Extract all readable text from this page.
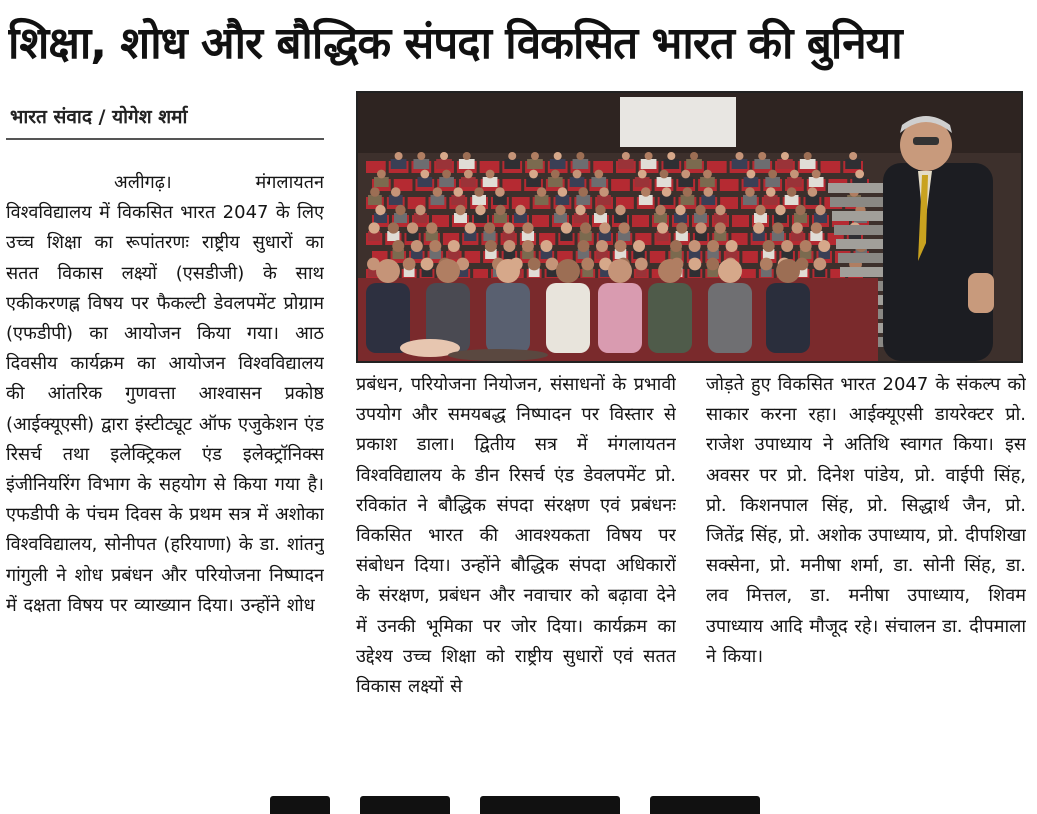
शिक्षा, शोध और बौद्धिक संपदा विकसित भारत की बुनिया
भारत संवाद / योगेश शर्मा
अलीगढ़। मंगलायतन विश्वविद्यालय में विकसित भारत 2047 के लिए उच्च शिक्षा का रूपांतरणः राष्ट्रीय सुधारों का सतत विकास लक्ष्यों (एसडीजी) के साथ एकीकरणह्न विषय पर फैकल्टी डेवलपमेंट प्रोग्राम (एफडीपी) का आयोजन किया गया। आठ दिवसीय कार्यक्रम का आयोजन विश्वविद्यालय की आंतरिक गुणवत्ता आश्वासन प्रकोष्ठ (आईक्यूएसी) द्वारा इंस्टीट्यूट ऑफ एजुकेशन एंड रिसर्च तथा इलेक्ट्रिकल एंड इलेक्ट्रॉनिक्स इंजीनियरिंग विभाग के सहयोग से किया गया है। एफडीपी के पंचम दिवस के प्रथम सत्र में अशोका विश्वविद्यालय, सोनीपत (हरियाणा) के डा. शांतनु गांगुली ने शोध प्रबंधन और परियोजना निष्पादन में दक्षता विषय पर व्याख्यान दिया। उन्होंने शोध
प्रबंधन, परियोजना नियोजन, संसाधनों के प्रभावी उपयोग और समयबद्ध निष्पादन पर विस्तार से प्रकाश डाला। द्वितीय सत्र में मंगलायतन विश्वविद्यालय के डीन रिसर्च एंड डेवलपमेंट प्रो. रविकांत ने बौद्धिक संपदा संरक्षण एवं प्रबंधनः विकसित भारत की आवश्यकता विषय पर संबोधन दिया। उन्होंने बौद्धिक संपदा अधिकारों के संरक्षण, प्रबंधन और नवाचार को बढ़ावा देने में उनकी भूमिका पर जोर दिया। कार्यक्रम का उद्देश्य उच्च शिक्षा को राष्ट्रीय सुधारों एवं सतत विकास लक्ष्यों से
जोड़ते हुए विकसित भारत 2047 के संकल्प को साकार करना रहा। आईक्यूएसी डायरेक्टर प्रो. राजेश उपाध्याय ने अतिथि स्वागत किया। इस अवसर पर प्रो. दिनेश पांडेय, प्रो. वाईपी सिंह, प्रो. किशनपाल सिंह, प्रो. सिद्धार्थ जैन, प्रो. जितेंद्र सिंह, प्रो. अशोक उपाध्याय, प्रो. दीपशिखा सक्सेना, प्रो. मनीषा शर्मा, डा. सोनी सिंह, डा. लव मित्तल, डा. मनीषा उपाध्याय, शिवम उपाध्याय आदि मौजूद रहे। संचालन डा. दीपमाला ने किया।
